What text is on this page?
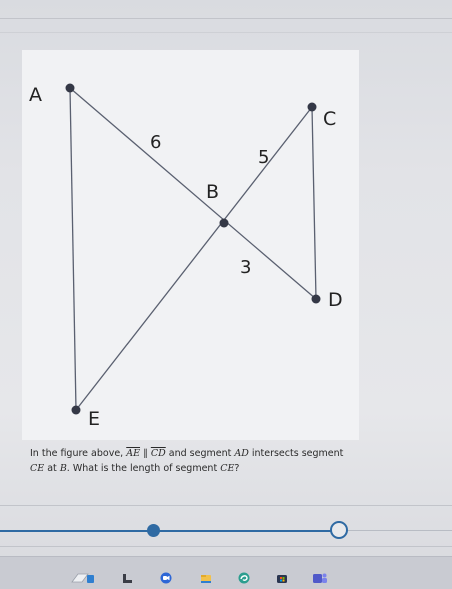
A
C
B
D
E
6
5
3
In the figure above, $\overline{AE}$ ∥ $\overline{CD}$ and segment AD intersects segment
CE at B. What is the length of segment CE?
